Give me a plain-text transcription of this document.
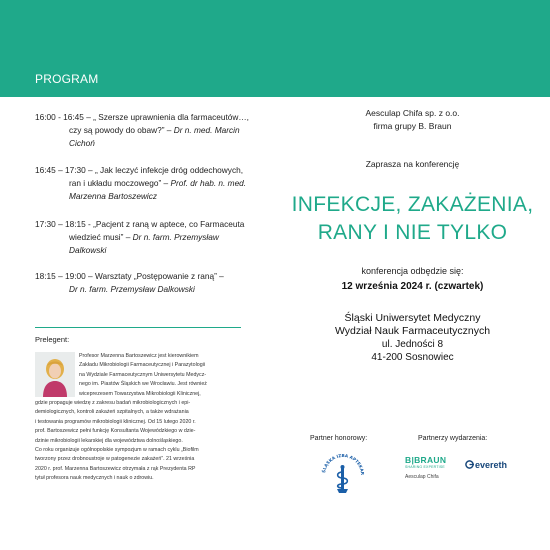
PROGRAM
16:00 - 16:45 – „ Szersze uprawnienia dla farmaceutów…,
czy są powody do obaw?” – Dr n. med. Marcin
Cichoń
16:45 – 17:30 – „ Jak leczyć infekcje dróg oddechowych,
ran i układu moczowego” – Prof. dr hab. n. med.
Marzenna Bartoszewicz
17:30 – 18:15 - „Pacjent z raną w aptece, co Farmaceuta
wiedzieć musi” – Dr n. farm. Przemysław
Dalkowski
18:15 – 19:00 – Warsztaty „Postępowanie z raną” –
Dr n. farm. Przemysław Dalkowski
Prelegent:
Profesor Marzenna Bartoszewicz jest kierownikiem
Zakładu Mikrobiologii Farmaceutycznej i Parazytologii
na Wydziale Farmaceutycznym Uniwersytetu Medycz-
nego im. Piastów Śląskich we Wrocławiu. Jest również
wiceprezesem Towarzystwa Mikrobiologii Klinicznej,
gdzie propaguje wiedzę z zakresu badań mikrobiologicznych i epi-
demiologicznych, kontroli zakażeń szpitalnych, a także wdrażania
i testowania programów mikrobiologii klinicznej. Od 15 lutego 2020 r.
prof. Bartoszewicz pełni funkcję Konsultanta Wojewódzkiego w dzie-
dzinie mikrobiologii lekarskiej dla województwa dolnośląskiego.
Co roku organizuje ogólnopolskie sympozjum w ramach cyklu „Biofilm
tworzony przez drobnoustroje w patogenezie zakażeń”. 21 września
2020 r. prof. Marzenna Bartoszewicz otrzymała z rąk Prezydenta RP
tytuł profesora nauk medycznych i nauk o zdrowiu.
Aesculap Chifa sp. z o.o.
firma grupy B. Braun
Zaprasza na konferencję
INFEKCJE, ZAKAŻENIA,
RANY I NIE TYLKO
konferencja odbędzie się:
12 września 2024 r. (czwartek)
Śląski Uniwersytet Medyczny
Wydział Nauk Farmaceutycznych
ul. Jedności 8
41-200 Sosnowiec
Partner honorowy:	Partnerzy wydarzenia:
ŚLĄSKA IZBA APTEKAR
B|BRAUN
SHARING EXPERTISE
Aesculap Chifa
evereth
